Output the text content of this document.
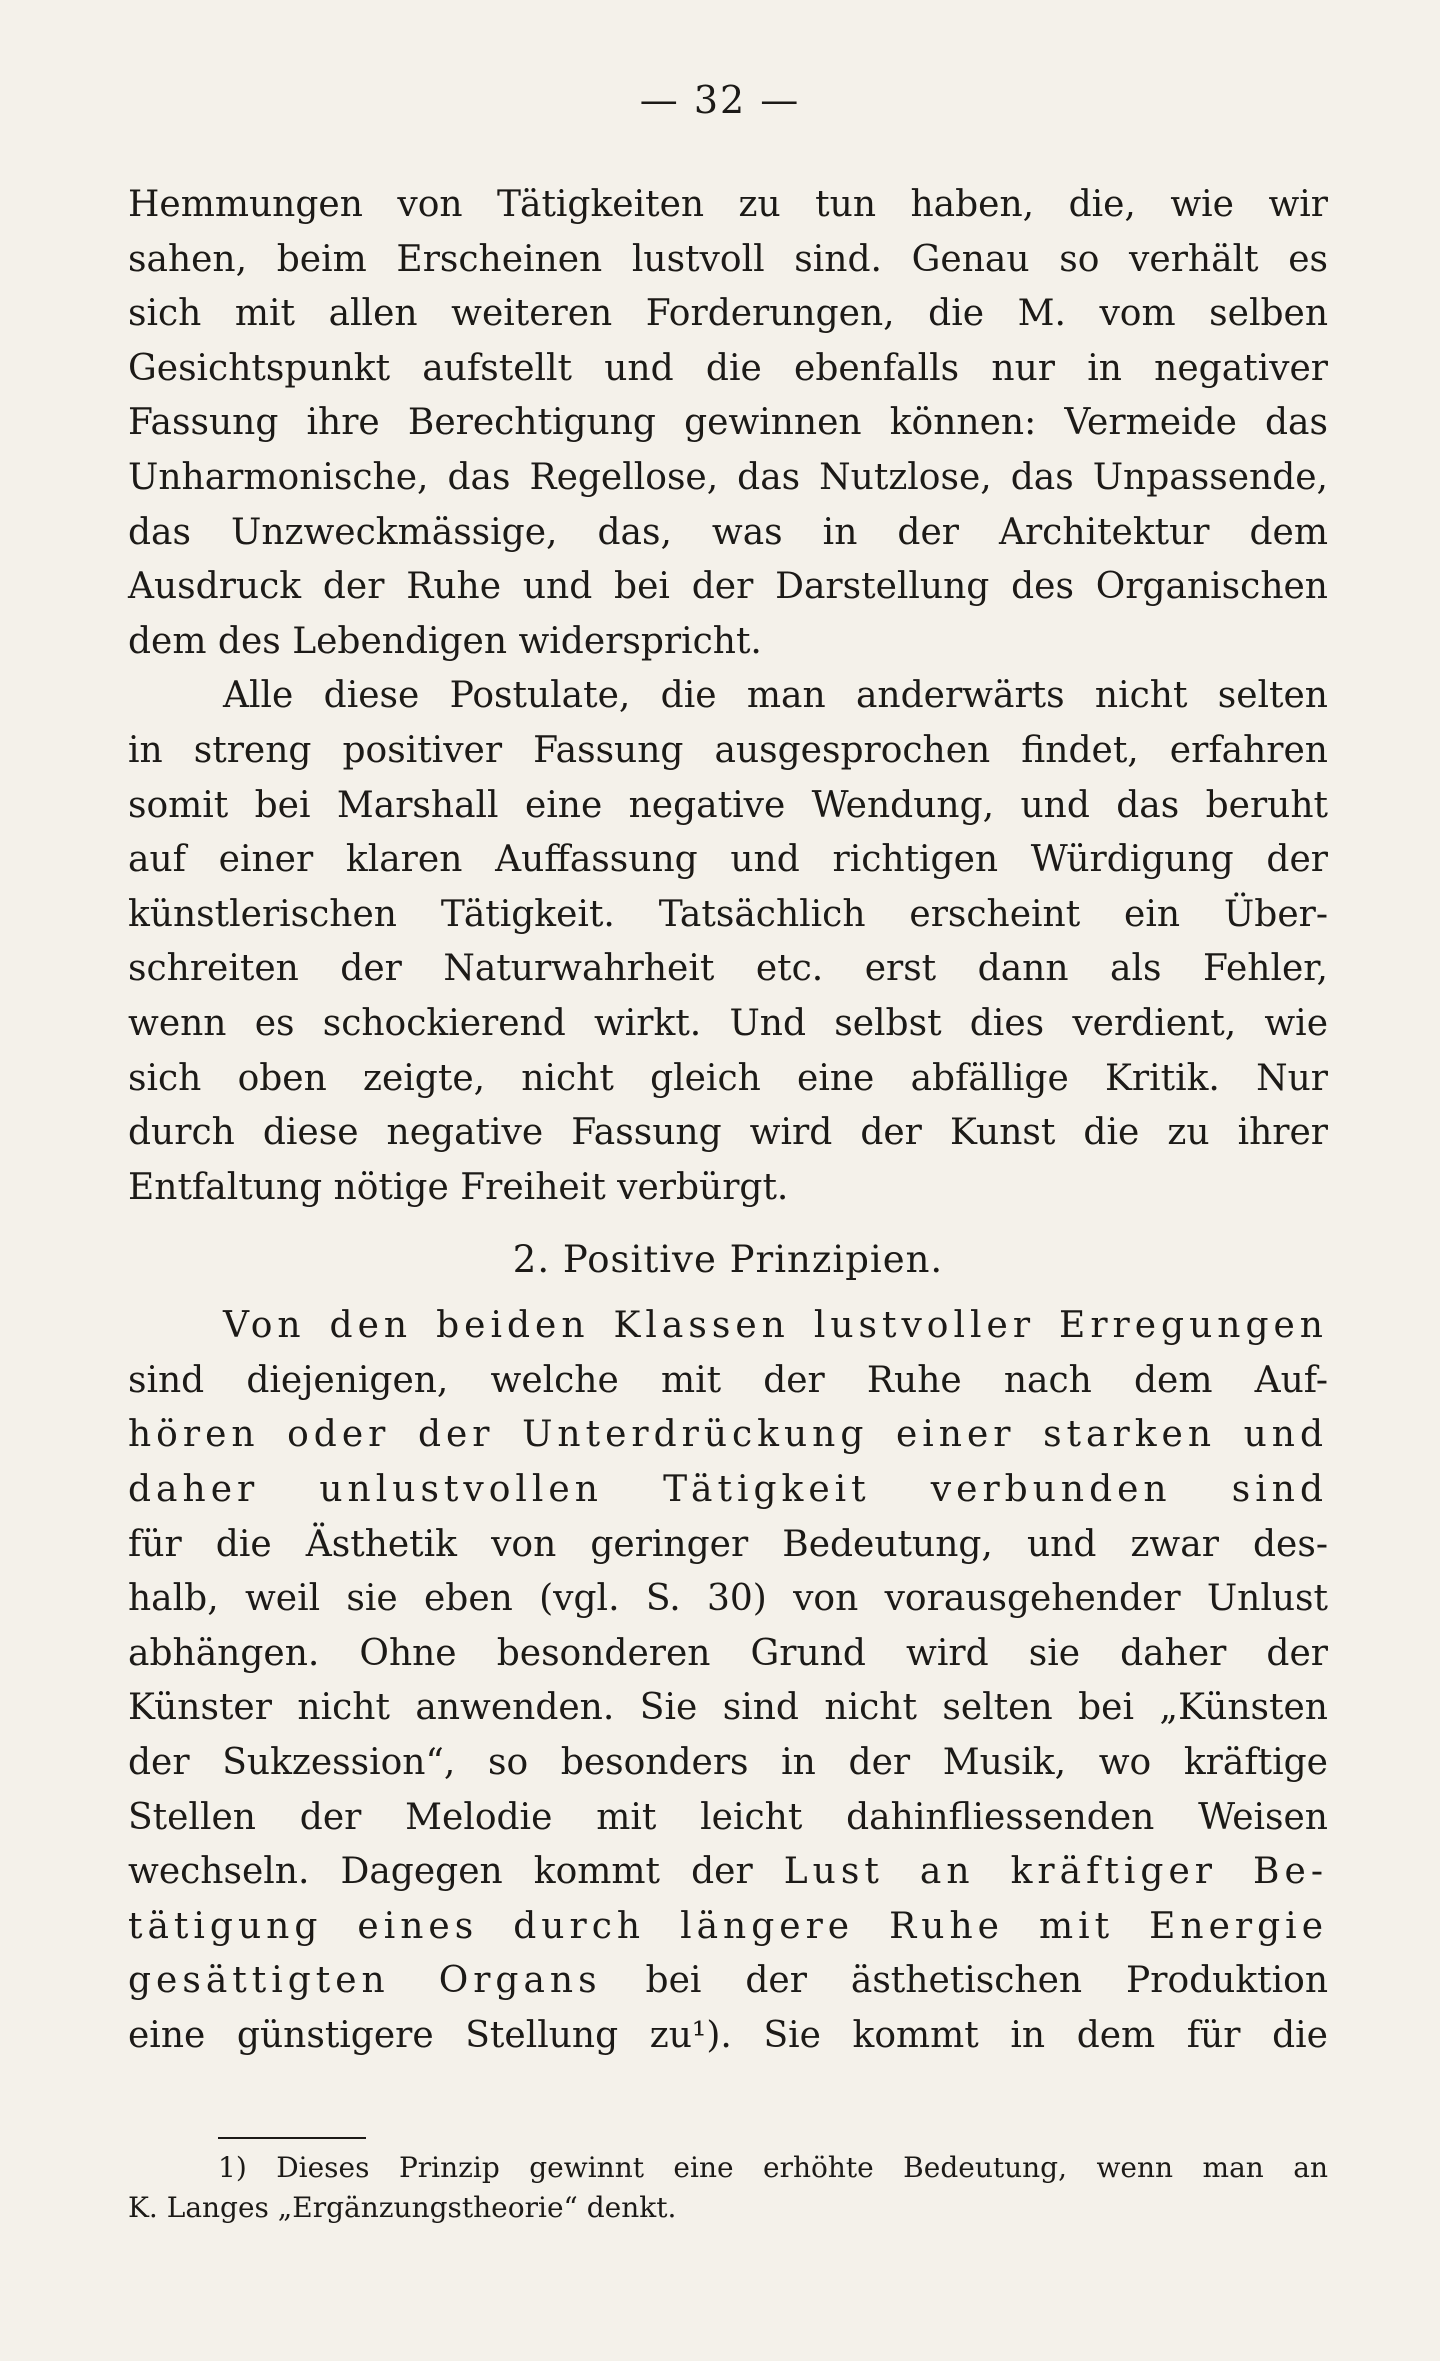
— 32 —
Hemmungen von Tätigkeiten zu tun haben, die, wie wir
sahen, beim Erscheinen lustvoll sind. Genau so verhält es
sich mit allen weiteren Forderungen, die M. vom selben
Gesichtspunkt aufstellt und die ebenfalls nur in negativer
Fassung ihre Berechtigung gewinnen können: Vermeide das
Unharmonische, das Regellose, das Nutzlose, das Unpassende,
das Unzweckmässige, das, was in der Architektur dem
Ausdruck der Ruhe und bei der Darstellung des Organischen
dem des Lebendigen widerspricht.
Alle diese Postulate, die man anderwärts nicht selten
in streng positiver Fassung ausgesprochen findet, erfahren
somit bei Marshall eine negative Wendung, und das beruht
auf einer klaren Auffassung und richtigen Würdigung der
künstlerischen Tätigkeit. Tatsächlich erscheint ein Über-
schreiten der Naturwahrheit etc. erst dann als Fehler,
wenn es schockierend wirkt. Und selbst dies verdient, wie
sich oben zeigte, nicht gleich eine abfällige Kritik. Nur
durch diese negative Fassung wird der Kunst die zu ihrer
Entfaltung nötige Freiheit verbürgt.
2. Positive Prinzipien.
Von den beiden Klassen lustvoller Erregungen
sind diejenigen, welche mit der Ruhe nach dem Auf-
hören oder der Unterdrückung einer starken und
daher unlustvollen Tätigkeit verbunden sind
für die Ästhetik von geringer Bedeutung, und zwar des-
halb, weil sie eben (vgl. S. 30) von vorausgehender Unlust
abhängen. Ohne besonderen Grund wird sie daher der
Künster nicht anwenden. Sie sind nicht selten bei „Künsten
der Sukzession“, so besonders in der Musik, wo kräftige
Stellen der Melodie mit leicht dahinfliessenden Weisen
wechseln. Dagegen kommt der Lust an kräftiger Be-
tätigung eines durch längere Ruhe mit Energie
gesättigten Organs bei der ästhetischen Produktion
eine günstigere Stellung zu¹). Sie kommt in dem für die
1) Dieses Prinzip gewinnt eine erhöhte Bedeutung, wenn man an
K. Langes „Ergänzungstheorie“ denkt.
